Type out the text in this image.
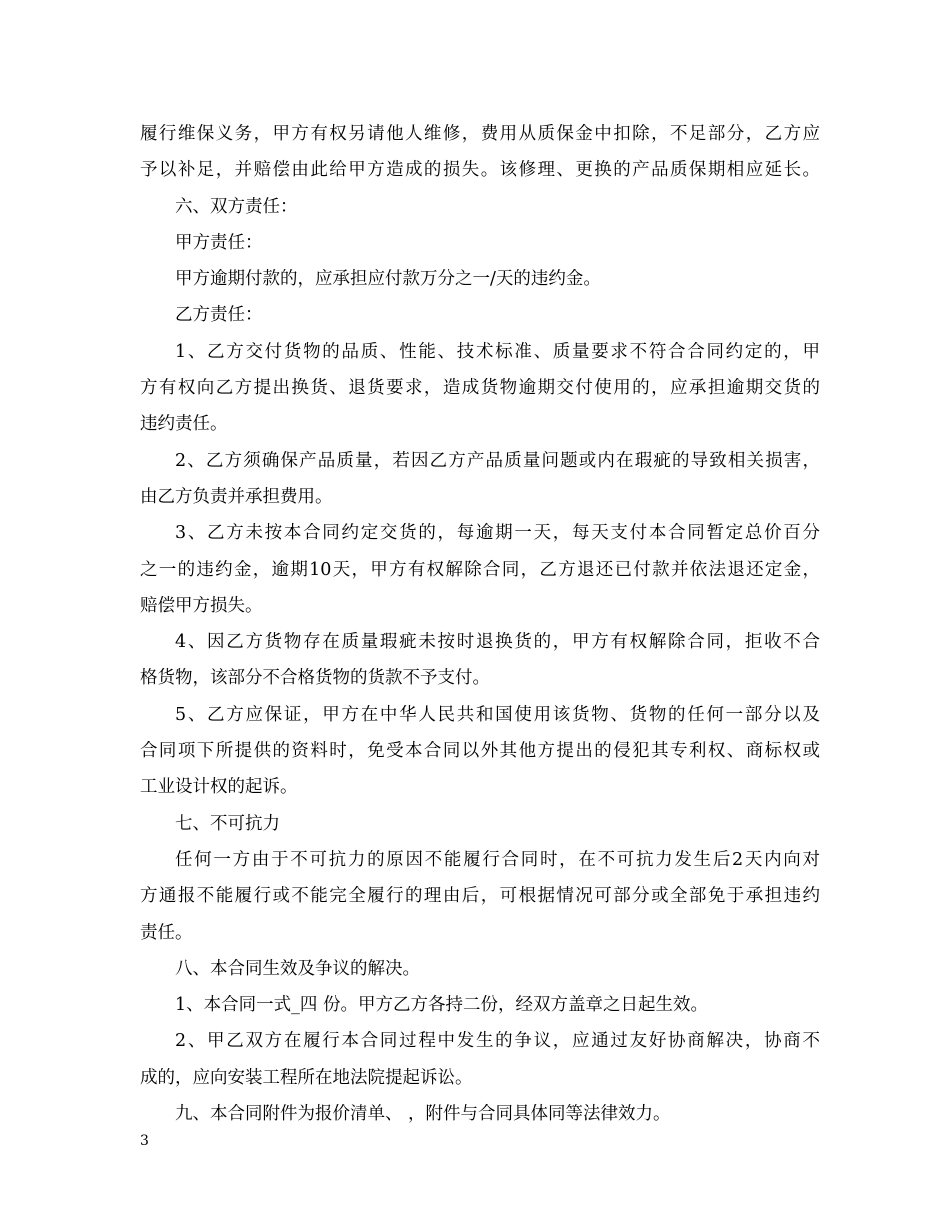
履行维保义务，甲方有权另请他人维修，费用从质保金中扣除，不足部分，乙方应
予以补足，并赔偿由此给甲方造成的损失。该修理、更换的产品质保期相应延长。
六、双方责任：
甲方责任：
甲方逾期付款的，应承担应付款万分之一/天的违约金。
乙方责任：
1、乙方交付货物的品质、性能、技术标准、质量要求不符合合同约定的，甲
方有权向乙方提出换货、退货要求，造成货物逾期交付使用的，应承担逾期交货的
违约责任。
2、乙方须确保产品质量，若因乙方产品质量问题或内在瑕疵的导致相关损害，
由乙方负责并承担费用。
3、乙方未按本合同约定交货的，每逾期一天，每天支付本合同暂定总价百分
之一的违约金，逾期10天，甲方有权解除合同，乙方退还已付款并依法退还定金，
赔偿甲方损失。
4、因乙方货物存在质量瑕疵未按时退换货的，甲方有权解除合同，拒收不合
格货物，该部分不合格货物的货款不予支付。
5、乙方应保证，甲方在中华人民共和国使用该货物、货物的任何一部分以及
合同项下所提供的资料时，免受本合同以外其他方提出的侵犯其专利权、商标权或
工业设计权的起诉。
七、不可抗力
任何一方由于不可抗力的原因不能履行合同时，在不可抗力发生后2天内向对
方通报不能履行或不能完全履行的理由后，可根据情况可部分或全部免于承担违约
责任。
八、本合同生效及争议的解决。
1、本合同一式_四 份。甲方乙方各持二份，经双方盖章之日起生效。
2、甲乙双方在履行本合同过程中发生的争议，应通过友好协商解决，协商不
成的，应向安装工程所在地法院提起诉讼。
九、本合同附件为报价清单、 ，附件与合同具体同等法律效力。
3
